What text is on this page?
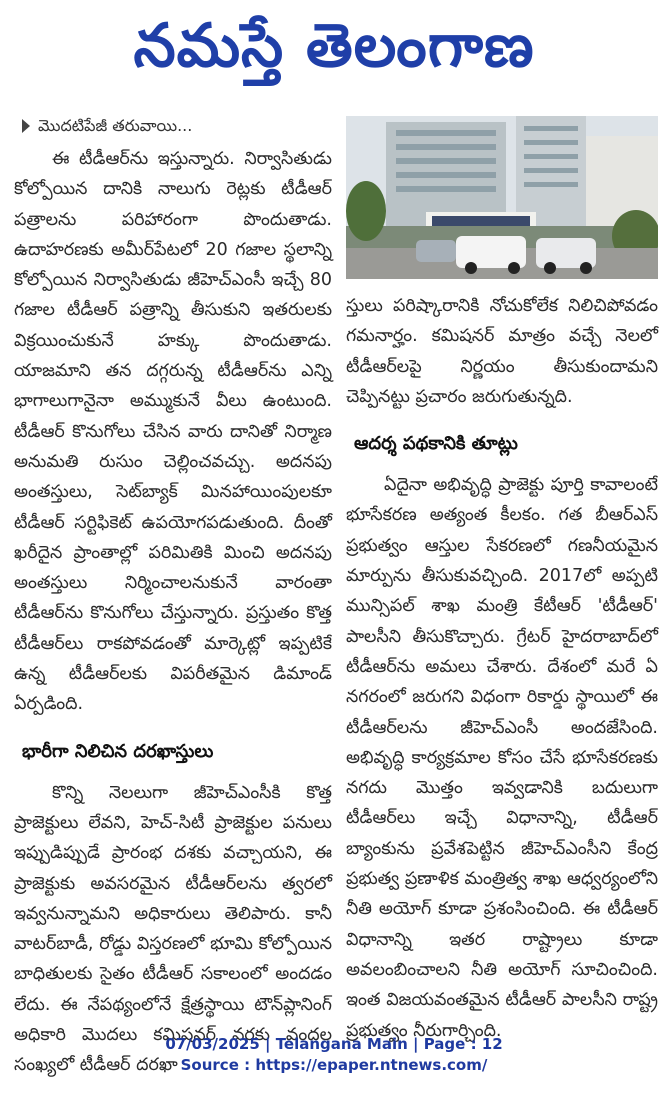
నమస్తే తెలంగాణ
మొదటిపేజీ తరువాయి...

ఈ టీడీఆర్‌ను ఇస్తున్నారు. నిర్వాసితుడు కోల్పోయిన దానికి నాలుగు రెట్లకు టీడీఆర్ పత్రాలను పరిహారంగా పొందుతాడు. ఉదాహరణకు అమీర్‌పేటలో 20 గజాల స్థలాన్ని కోల్పోయిన నిర్వాసితుడు జీహెచ్‌ఎంసీ ఇచ్చే 80 గజాల టీడీఆర్ పత్రాన్ని తీసుకుని ఇతరులకు విక్రయించుకునే హక్కు పొందుతాడు. యాజమాని తన దగ్గరున్న టీడీఆర్‌ను ఎన్ని భాగాలుగానైనా అమ్ముకునే వీలు ఉంటుంది. టీడీఆర్ కొనుగోలు చేసిన వారు దానితో నిర్మాణ అనుమతి రుసుం చెల్లించవచ్చు. అదనపు అంతస్తులు, సెట్‌బ్యాక్ మినహాయింపులకూ టీడీఆర్ సర్టిఫికెట్ ఉపయోగపడుతుంది. దీంతో ఖరీదైన ప్రాంతాల్లో పరిమితికి మించి అదనపు అంతస్తులు నిర్మించాలనుకునే వారంతా టీడీఆర్‌ను కొనుగోలు చేస్తున్నారు. ప్రస్తుతం కొత్త టీడీఆర్‌లు రాకపోవడంతో మార్కెట్లో ఇప్పటికే ఉన్న టీడీఆర్‌లకు విపరీతమైన డిమాండ్ ఏర్పడింది.

భారీగా నిలిచిన దరఖాస్తులు

కొన్ని నెలలుగా జీహెచ్‌ఎంసీకి కొత్త ప్రాజెక్టులు లేవని, హెచ్-సిటీ ప్రాజెక్టుల పనులు ఇప్పుడిప్పుడే ప్రారంభ దశకు వచ్చాయని, ఈ ప్రాజెక్టుకు అవసరమైన టీడీఆర్‌లను త్వరలో ఇవ్వనున్నామని అధికారులు తెలిపారు. కానీ వాటర్‌బాడీ, రోడ్డు విస్తరణలో భూమి కోల్పోయిన బాధితులకు సైతం టీడీఆర్ సకాలంలో అందడం లేదు. ఈ నేపథ్యంలోనే క్షేత్రస్థాయి టౌన్‌ప్లానింగ్ అధికారి మొదలు కమిషనర్ వరకు వందల సంఖ్యలో టీడీఆర్ దరఖా

స్తులు పరిష్కారానికి నోచుకోలేక నిలిచిపోవడం గమనార్హం. కమిషనర్ మాత్రం వచ్చే నెలలో టీడీఆర్‌లపై నిర్ణయం తీసుకుందామని చెప్పినట్టు ప్రచారం జరుగుతున్నది.

ఆదర్శ పథకానికి తూట్లు

ఏదైనా అభివృద్ధి ప్రాజెక్టు పూర్తి కావాలంటే భూసేకరణ అత్యంత కీలకం. గత బీఆర్‌ఎస్ ప్రభుత్వం ఆస్తుల సేకరణలో గణనీయమైన మార్పును తీసుకువచ్చింది. 2017లో అప్పటి మున్సిపల్ శాఖ మంత్రి కేటీఆర్ 'టీడీఆర్' పాలసీని తీసుకొచ్చారు. గ్రేటర్ హైదరాబాద్‌లో టీడీఆర్‌ను అమలు చేశారు. దేశంలో మరే ఏ నగరంలో జరుగని విధంగా రికార్డు స్థాయిలో ఈ టీడీఆర్‌లను జీహెచ్‌ఎంసీ అందజేసింది. అభివృద్ధి కార్యక్రమాల కోసం చేసే భూసేకరణకు నగదు మొత్తం ఇవ్వడానికి బదులుగా టీడీఆర్‌లు ఇచ్చే విధానాన్ని, టీడీఆర్ బ్యాంకును ప్రవేశపెట్టిన జీహెచ్‌ఎంసీని కేంద్ర ప్రభుత్వ ప్రణాళిక మంత్రిత్వ శాఖ ఆధ్వర్యంలోని నీతి అయోగ్ కూడా ప్రశంసించింది. ఈ టీడీఆర్ విధానాన్ని ఇతర రాష్ట్రాలు కూడా అవలంబించాలని నీతి అయోగ్ సూచించింది. ఇంత విజయవంతమైన టీడీఆర్ పాలసీని రాష్ట్ర ప్రభుత్వం నీరుగార్చింది.

07/03/2025 | Telangana Main | Page : 12
Source : https://epaper.ntnews.com/
